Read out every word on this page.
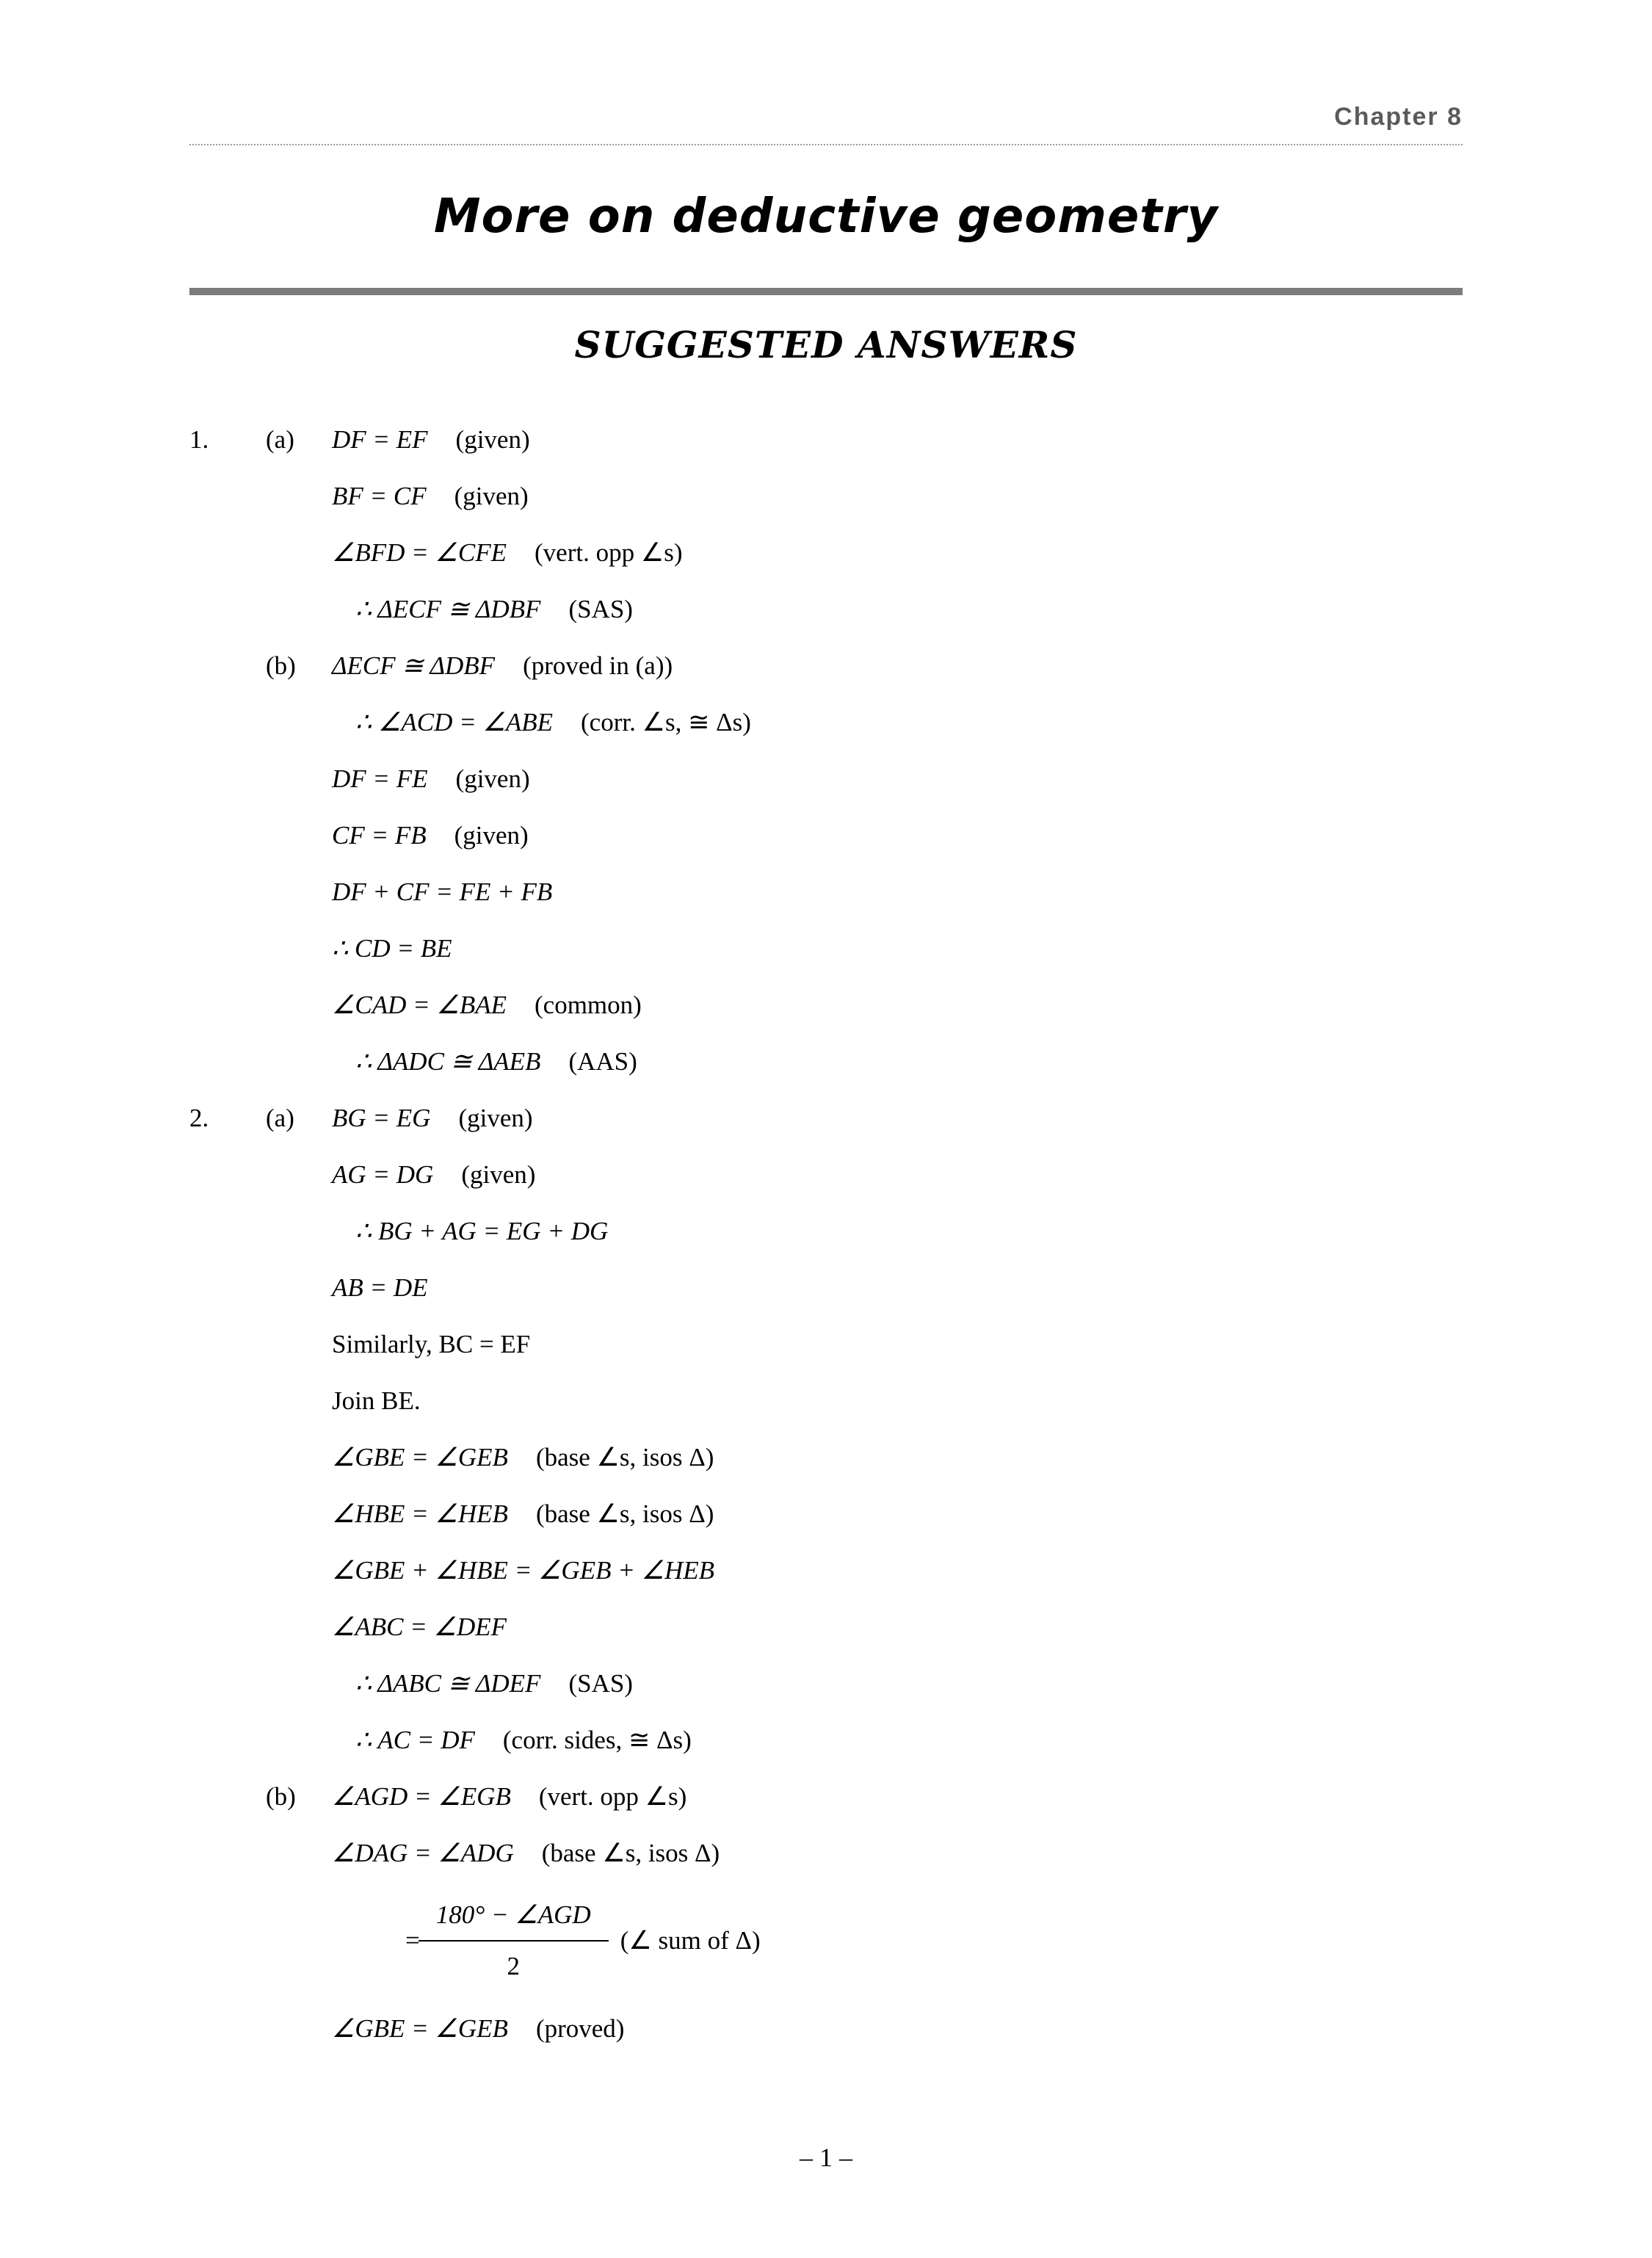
Chapter 8
More on deductive geometry
SUGGESTED ANSWERS
1.	(a)	DF = EF (given)
BF = CF (given)
∠BFD = ∠CFE (vert. opp ∠s)
∴ ΔECF ≅ ΔDBF (SAS)
(b)	ΔECF ≅ ΔDBF (proved in (a))
∴ ∠ACD = ∠ABE (corr. ∠s, ≅ Δs)
DF = FE (given)
CF = FB (given)
DF + CF = FE + FB
∴ CD = BE
∠CAD = ∠BAE (common)
∴ ΔADC ≅ ΔAEB (AAS)
2.	(a)	BG = EG (given)
AG = DG (given)
∴ BG + AG = EG + DG
AB = DE
Similarly, BC = EF
Join BE.
∠GBE = ∠GEB (base ∠s, isos Δ)
∠HBE = ∠HEB (base ∠s, isos Δ)
∠GBE + ∠HBE = ∠GEB + ∠HEB
∠ABC = ∠DEF
∴ ΔABC ≅ ΔDEF (SAS)
∴ AC = DF (corr. sides, ≅ Δs)
(b)	∠AGD = ∠EGB (vert. opp ∠s)
∠DAG = ∠ADG (base ∠s, isos Δ)
= $\frac{\text{180° − ∠AGD}}{2}$ (∠ sum of Δ)
∠GBE = ∠GEB (proved)
– 1 –
